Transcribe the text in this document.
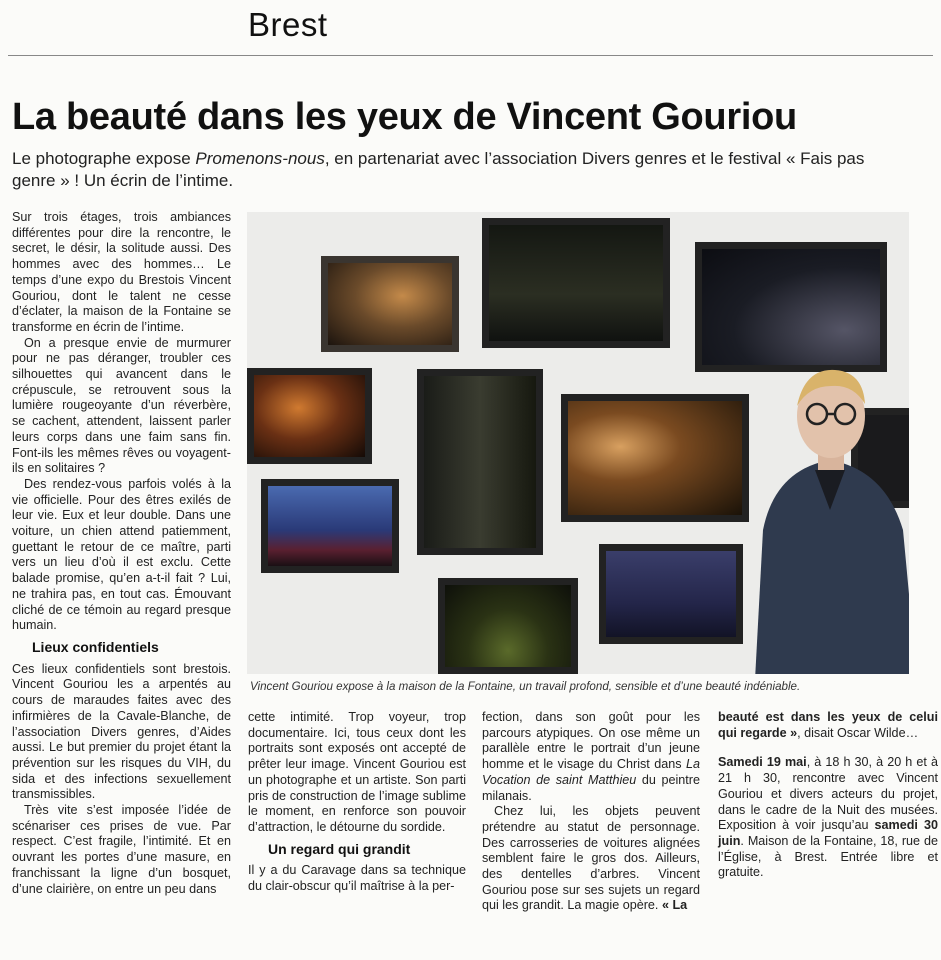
Brest
La beauté dans les yeux de Vincent Gouriou
Le photographe expose Promenons-nous, en partenariat avec l’association Divers genres et le festival « Fais pas genre » ! Un écrin de l’intime.

Sur trois étages, trois ambiances différentes pour dire la rencontre, le secret, le désir, la solitude aussi. Des hommes avec des hommes… Le temps d’une expo du Brestois Vincent Gouriou, dont le talent ne cesse d’éclater, la maison de la Fontaine se transforme en écrin de l’intime.

On a presque envie de murmurer pour ne pas déranger, troubler ces silhouettes qui avancent dans le crépuscule, se retrouvent sous la lumière rougeoyante d’un réverbère, se cachent, attendent, laissent parler leurs corps dans une faim sans fin. Font-ils les mêmes rêves ou voyagent-ils en solitaires ?

Des rendez-vous parfois volés à la vie officielle. Pour des êtres exilés de leur vie. Eux et leur double. Dans une voiture, un chien attend patiemment, guettant le retour de ce maître, parti vers un lieu d’où il est exclu. Cette balade promise, qu’en a-t-il fait ? Lui, ne trahira pas, en tout cas. Émouvant cliché de ce témoin au regard presque humain.

Lieux confidentiels

Ces lieux confidentiels sont brestois. Vincent Gouriou les a arpentés au cours de maraudes faites avec des infirmières de la Cavale-Blanche, de l’association Divers genres, d’Aides aussi. Le but premier du projet étant la prévention sur les risques du VIH, du sida et des infections sexuellement transmissibles.

Très vite s’est imposée l’idée de scénariser ces prises de vue. Par respect. C’est fragile, l’intimité. Et en ouvrant les portes d’une masure, en franchissant la ligne d’un bosquet, d’une clairière, on entre un peu dans

Vincent Gouriou expose à la maison de la Fontaine, un travail profond, sensible et d’une beauté indéniable.

cette intimité. Trop voyeur, trop documentaire. Ici, tous ceux dont les portraits sont exposés ont accepté de prêter leur image. Vincent Gouriou est un photographe et un artiste. Son parti pris de construction de l’image sublime le moment, en renforce son pouvoir d’attraction, le détourne du sordide.

Un regard qui grandit

Il y a du Caravage dans sa technique du clair-obscur qu’il maîtrise à la per-

fection, dans son goût pour les parcours atypiques. On ose même un parallèle entre le portrait d’un jeune homme et le visage du Christ dans La Vocation de saint Matthieu du peintre milanais.

Chez lui, les objets peuvent prétendre au statut de personnage. Des carrosseries de voitures alignées semblent faire le gros dos. Ailleurs, des dentelles d’arbres. Vincent Gouriou pose sur ses sujets un regard qui les grandit. La magie opère. « La

beauté est dans les yeux de celui qui regarde », disait Oscar Wilde…

Samedi 19 mai, à 18 h 30, à 20 h et à 21 h 30, rencontre avec Vincent Gouriou et divers acteurs du projet, dans le cadre de la Nuit des musées. Exposition à voir jusqu’au samedi 30 juin. Maison de la Fontaine, 18, rue de l’Église, à Brest. Entrée libre et gratuite.
